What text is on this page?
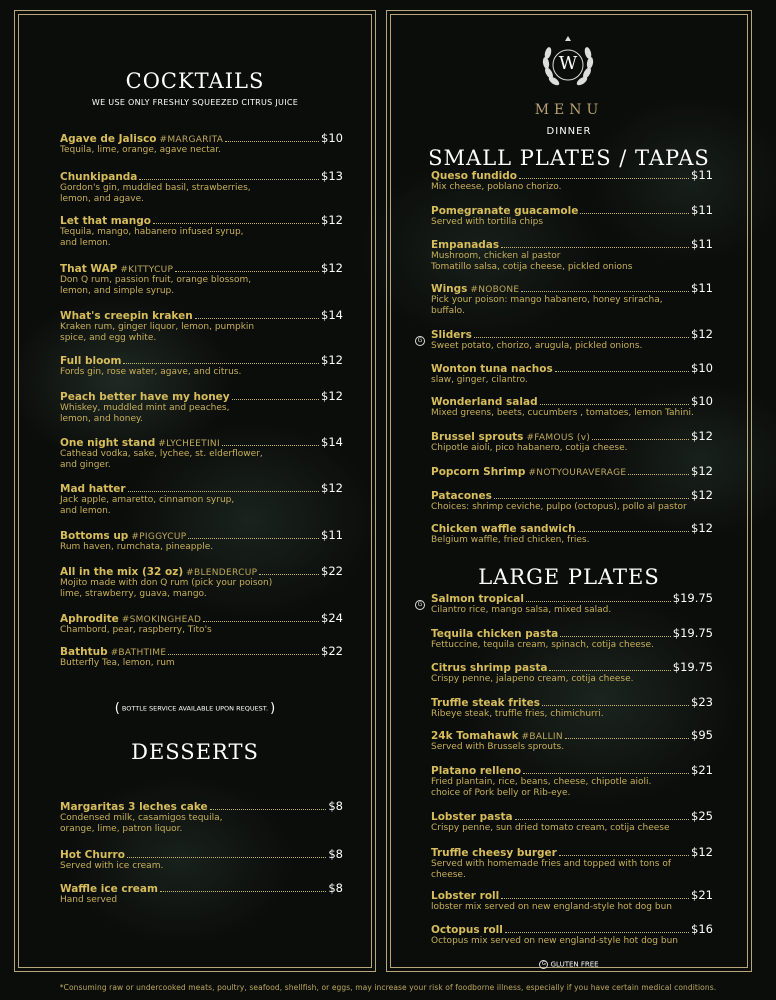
COCKTAILS
WE USE ONLY FRESHLY SQUEEZED CITRUS JUICE
Agave de Jalisco #MARGARITA	$10
Tequila, lime, orange, agave nectar.
Chunkipanda	$13
Gordon's gin, muddled basil, strawberries,
lemon, and agave.
Let that mango	$12
Tequila, mango, habanero infused syrup,
and lemon.
That WAP #KITTYCUP	$12
Don Q rum, passion fruit, orange blossom,
lemon, and simple syrup.
What's creepin kraken	$14
Kraken rum, ginger liquor, lemon, pumpkin
spice, and egg white.
Full bloom	$12
Fords gin, rose water, agave, and citrus.
Peach better have my honey	$12
Whiskey, muddled mint and peaches,
lemon, and honey.
One night stand #LYCHEETINI	$14
Cathead vodka, sake, lychee, st. elderflower,
and ginger.
Mad hatter	$12
Jack apple, amaretto, cinnamon syrup,
and lemon.
Bottoms up #PIGGYCUP	$11
Rum haven, rumchata, pineapple.
All in the mix (32 oz) #BLENDERCUP	$22
Mojito made with don Q rum (pick your poison)
lime, strawberry, guava, mango.
Aphrodite #SMOKINGHEAD	$24
Chambord, pear, raspberry, Tito's
Bathtub #BATHTIME	$22
Butterfly Tea, lemon, rum
( BOTTLE SERVICE AVAILABLE UPON REQUEST. )
DESSERTS
Margaritas 3 leches cake	$8
Condensed milk, casamigos tequila,
orange, lime, patron liquor.
Hot Churro	$8
Served with ice cream.
Waffle ice cream	$8
Hand served
W
MENU
DINNER
SMALL PLATES / TAPAS
Queso fundido	$11
Mix cheese, poblano chorizo.
Pomegranate guacamole	$11
Served with tortilla chips
Empanadas	$11
Mushroom, chicken al pastor
Tomatillo salsa, cotija cheese, pickled onions
Wings #NOBONE	$11
Pick your poison: mango habanero, honey sriracha,
buffalo.
G Sliders	$12
Sweet potato, chorizo, arugula, pickled onions.
Wonton tuna nachos	$10
slaw, ginger, cilantro.
Wonderland salad	$10
Mixed greens, beets, cucumbers , tomatoes, lemon Tahini.
Brussel sprouts #FAMOUS (v)	$12
Chipotle aioli, pico habanero, cotija cheese.
Popcorn Shrimp #NOTYOURAVERAGE	$12
Patacones	$12
Choices: shrimp ceviche, pulpo (octopus), pollo al pastor
Chicken waffle sandwich	$12
Belgium waffle, fried chicken, fries.
LARGE PLATES
G Salmon tropical	$19.75
Cilantro rice, mango salsa, mixed salad.
Tequila chicken pasta	$19.75
Fettuccine, tequila cream, spinach, cotija cheese.
Citrus shrimp pasta	$19.75
Crispy penne, jalapeno cream, cotija cheese.
Truffle steak frites	$23
Ribeye steak, truffle fries, chimichurri.
24k Tomahawk #BALLIN	$95
Served with Brussels sprouts.
Platano relleno	$21
Fried plantain, rice, beans, cheese, chipotle aioli.
choice of Pork belly or Rib-eye.
Lobster pasta	$25
Crispy penne, sun dried tomato cream, cotija cheese
Truffle cheesy burger	$12
Served with homemade fries and topped with tons of
cheese.
Lobster roll	$21
lobster mix served on new england-style hot dog bun
Octopus roll	$16
Octopus mix served on new england-style hot dog bun
G GLUTEN FREE
*Consuming raw or undercooked meats, poultry, seafood, shellfish, or eggs, may increase your risk of foodborne illness, especially if you have certain medical conditions.
